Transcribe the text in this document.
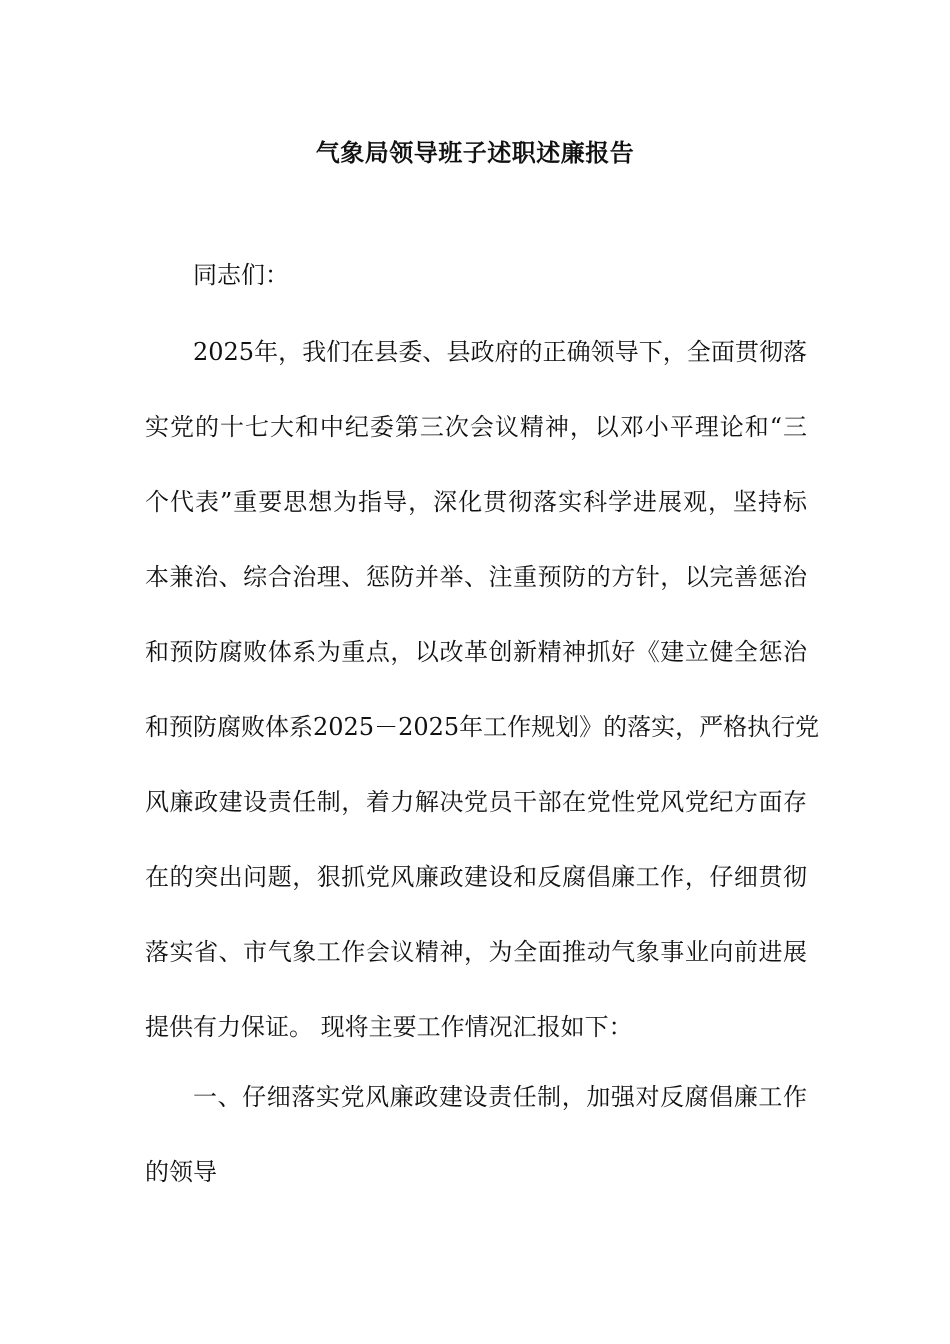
气象局领导班子述职述廉报告
同志们：
2025年，我们在县委、县政府的正确领导下，全面贯彻落
实党的十七大和中纪委第三次会议精神，以邓小平理论和“三
个代表”重要思想为指导，深化贯彻落实科学进展观，坚持标
本兼治、综合治理、惩防并举、注重预防的方针，以完善惩治
和预防腐败体系为重点，以改革创新精神抓好《建立健全惩治
和预防腐败体系2025－2025年工作规划》的落实，严格执行党
风廉政建设责任制，着力解决党员干部在党性党风党纪方面存
在的突出问题，狠抓党风廉政建设和反腐倡廉工作，仔细贯彻
落实省、市气象工作会议精神，为全面推动气象事业向前进展
提供有力保证。 现将主要工作情况汇报如下：
一、仔细落实党风廉政建设责任制，加强对反腐倡廉工作
的领导
